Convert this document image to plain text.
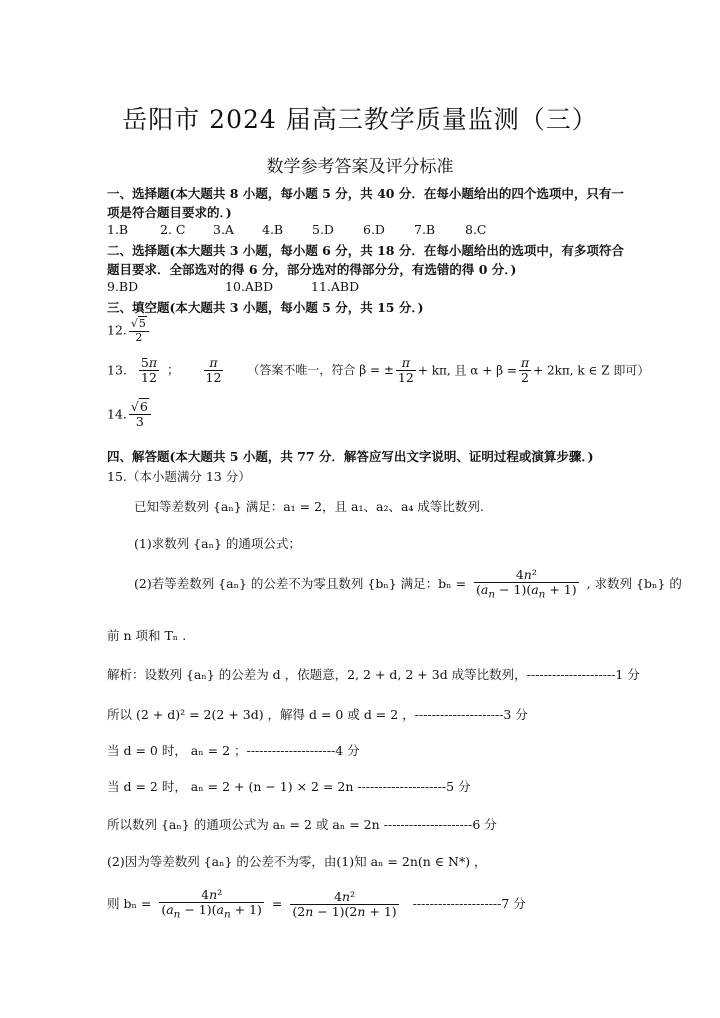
岳阳市 2024 届高三教学质量监测（三）
数学参考答案及评分标准
一、选择题(本大题共 8 小题，每小题 5 分，共 40 分．在每小题给出的四个选项中，只有一
项是符合题目要求的．)
1.B	2. C 3.A 4.B 5.D 6.D 7.B 8.C
二、选择题(本大题共 3 小题，每小题 6 分，共 18 分．在每小题给出的选项中，有多项符合
题目要求．全部选对的得 6 分，部分选对的得部分分，有选错的得 0 分．)
9.BD	10.ABD	11.ABD
三、填空题(本大题共 3 小题，每小题 5 分，共 15 分．)
12. $\frac{√5}{2}$
13. $\frac{5\pi}{12}$ ； $\frac{\pi}{12}$ （答案不唯一，符合 β = ± $\frac{\pi}{12} + k\pi$, 且 $\alpha + \beta = \frac{\pi}{2} + 2k\pi$, k ∈ Z 即可）
14. $\frac{√6}{3}$
四、解答题(本大题共 5 小题，共 77 分．解答应写出文字说明、证明过程或演算步骤．)
15.（本小题满分 13 分）
已知等差数列 {aₙ} 满足：a₁ = 2，且 a₁、a₂、a₄ 成等比数列.
(1)求数列 {aₙ} 的通项公式；
(2)若等差数列 {aₙ} 的公差不为零且数列 {bₙ} 满足：$b_n = \frac{\text{4n²}}{(a_n - 1)(a_n + 1)}$ , 求数列 {bₙ} 的
前 n 项和 Tₙ .
解析：设数列 {aₙ} 的公差为 d ，依题意，2, 2 + d, 2 + 3d 成等比数列，---------------------1 分
所以 (2 + d)² = 2(2 + 3d) ，解得 d = 0 或 d = 2 ，---------------------3 分
当 d = 0 时， aₙ = 2 ；---------------------4 分
当 d = 2 时， aₙ = 2 + (n − 1) × 2 = 2n ---------------------5 分
所以数列 {aₙ} 的通项公式为 aₙ = 2 或 aₙ = 2n ---------------------6 分
(2)因为等差数列 {aₙ} 的公差不为零，由(1)知 aₙ = 2n(n ∈ N*) ，
则 $b_n = \frac{\text{4n²}}{(a_n - 1)(a_n + 1)} = \frac{\text{4n²}}{(2n - 1)(2n + 1)} ---------------------7$ 分
